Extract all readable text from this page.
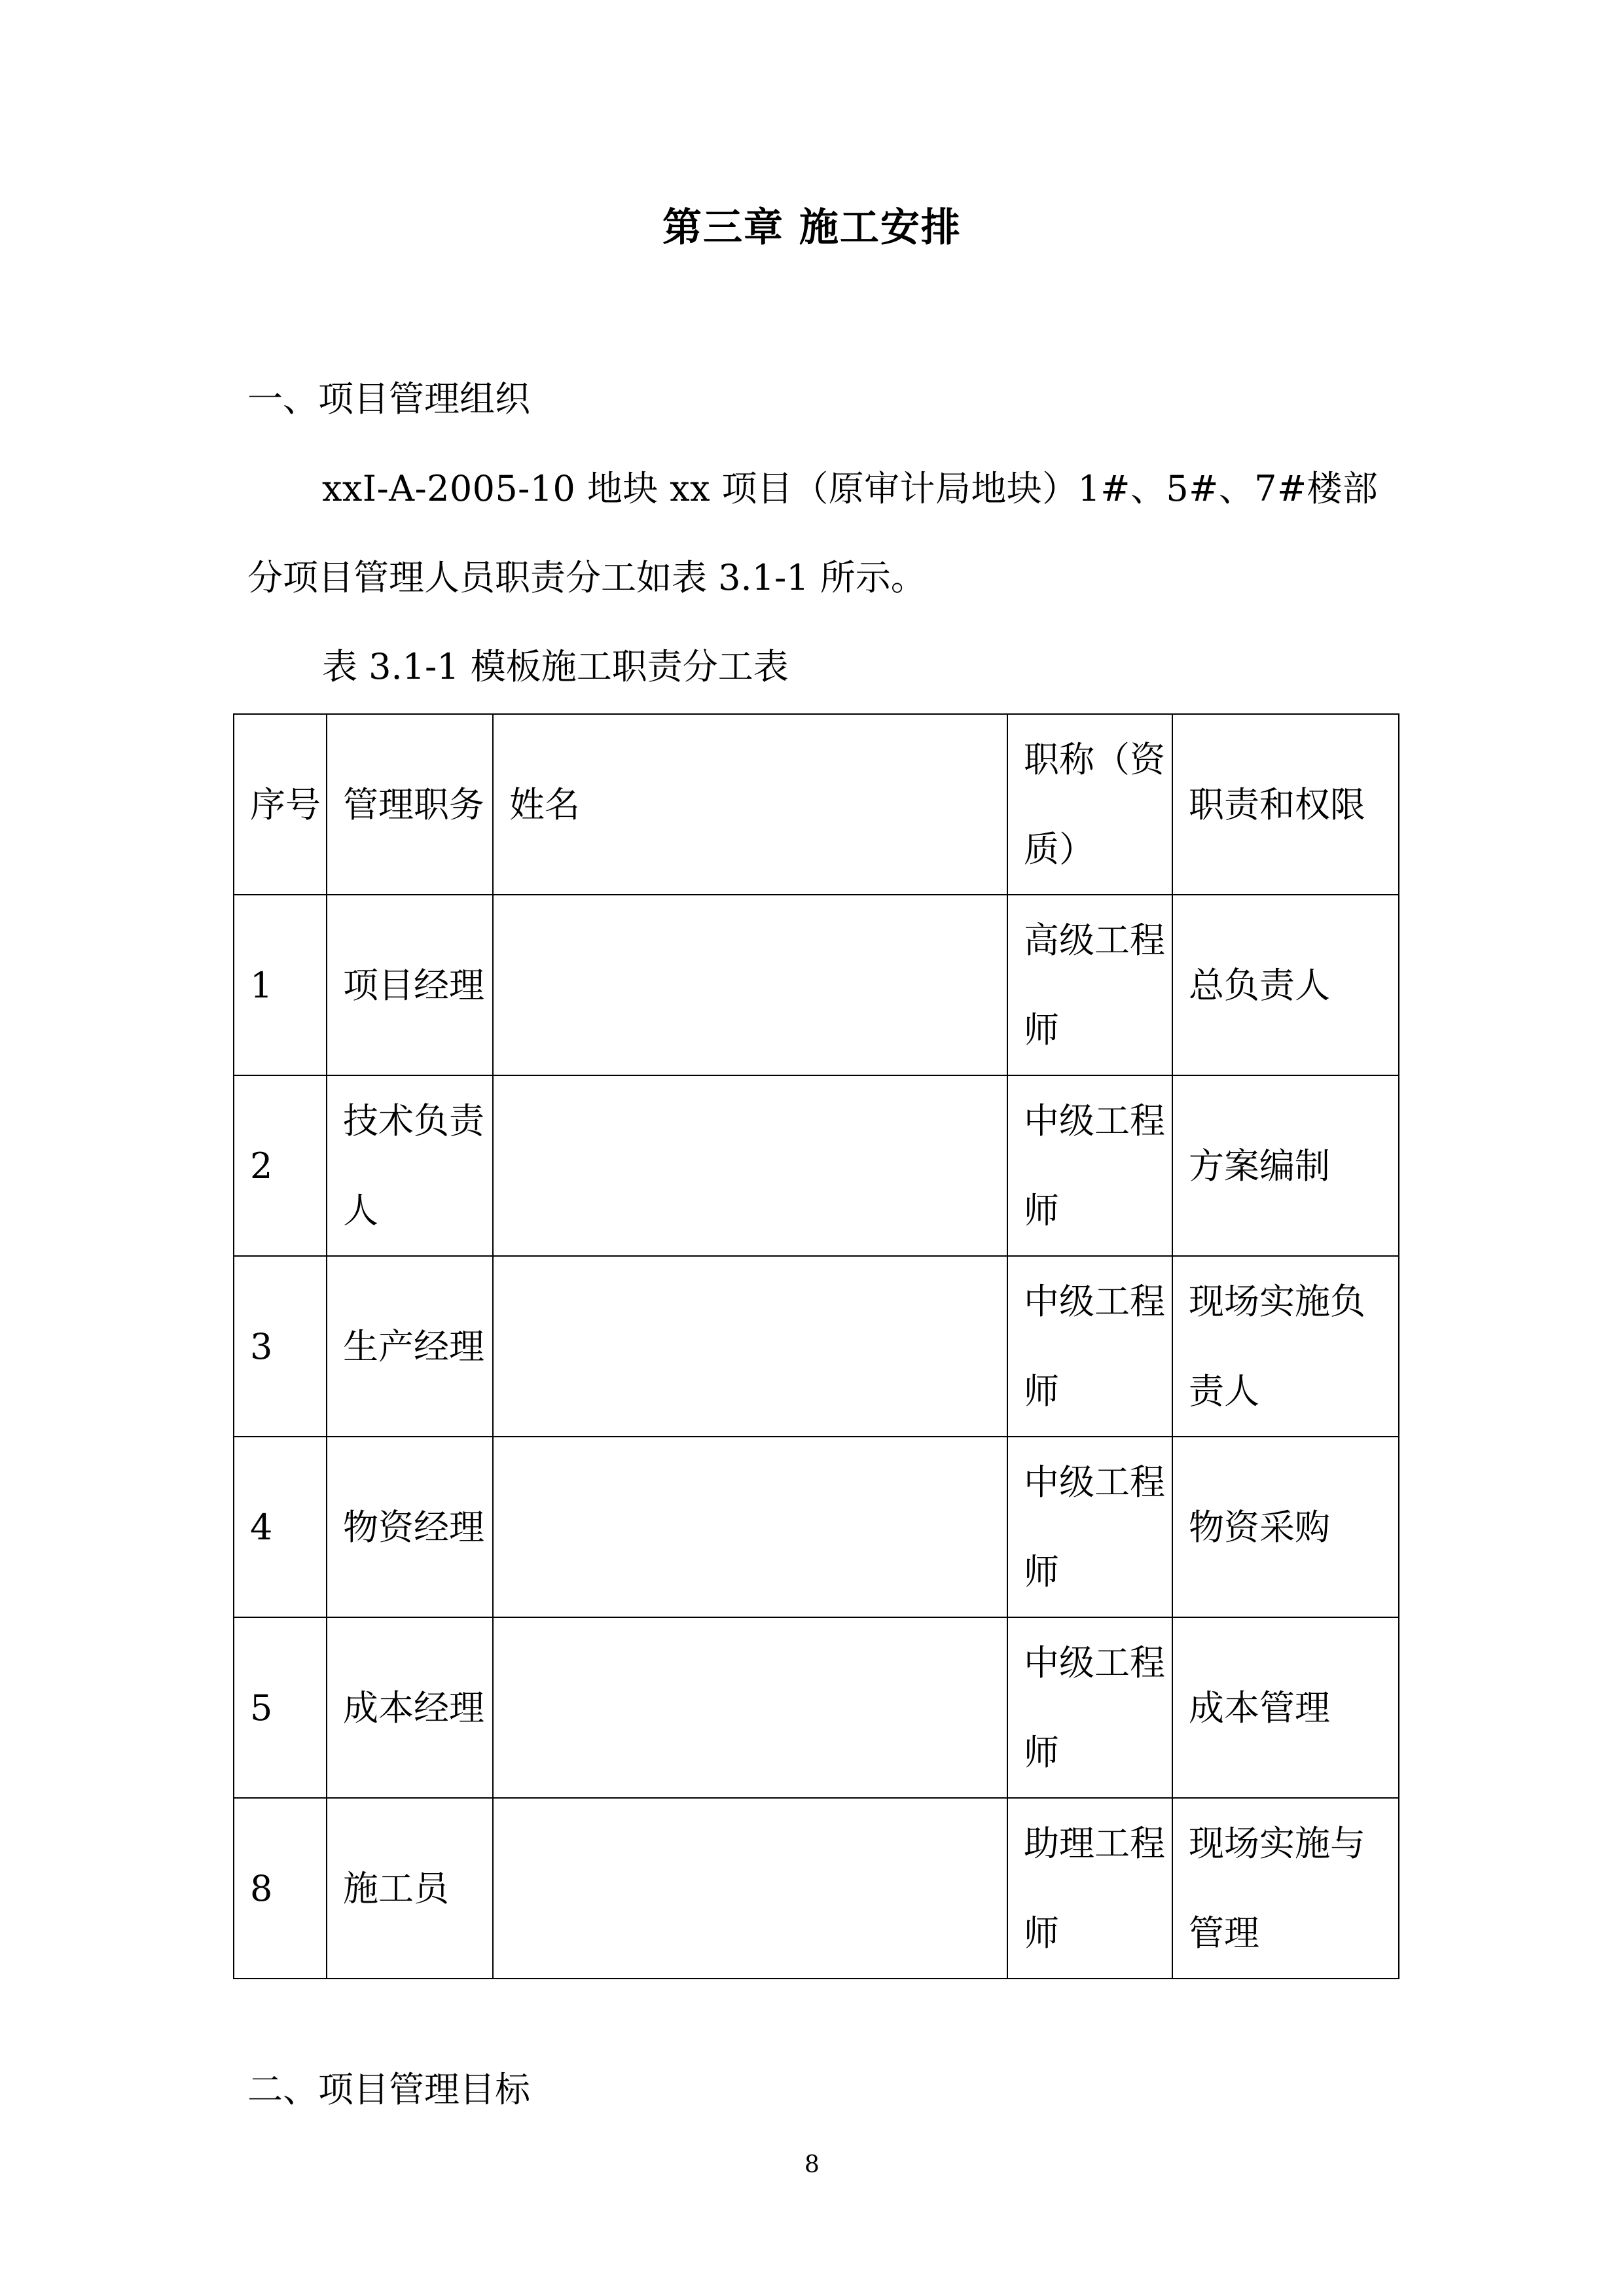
第三章 施工安排
一、项目管理组织
xxI-A-2005-10 地块 xx 项目（原审计局地块）1#、5#、7#楼部
分项目管理人员职责分工如表 3.1-1 所示。
表 3.1-1 模板施工职责分工表
序号	管理职务	姓名	职称（资质）	职责和权限
1	项目经理		高级工程师	总负责人
2	技术负责人		中级工程师	方案编制
3	生产经理		中级工程师	现场实施负责人
4	物资经理		中级工程师	物资采购
5	成本经理		中级工程师	成本管理
8	施工员		助理工程师	现场实施与管理
二、项目管理目标
8
